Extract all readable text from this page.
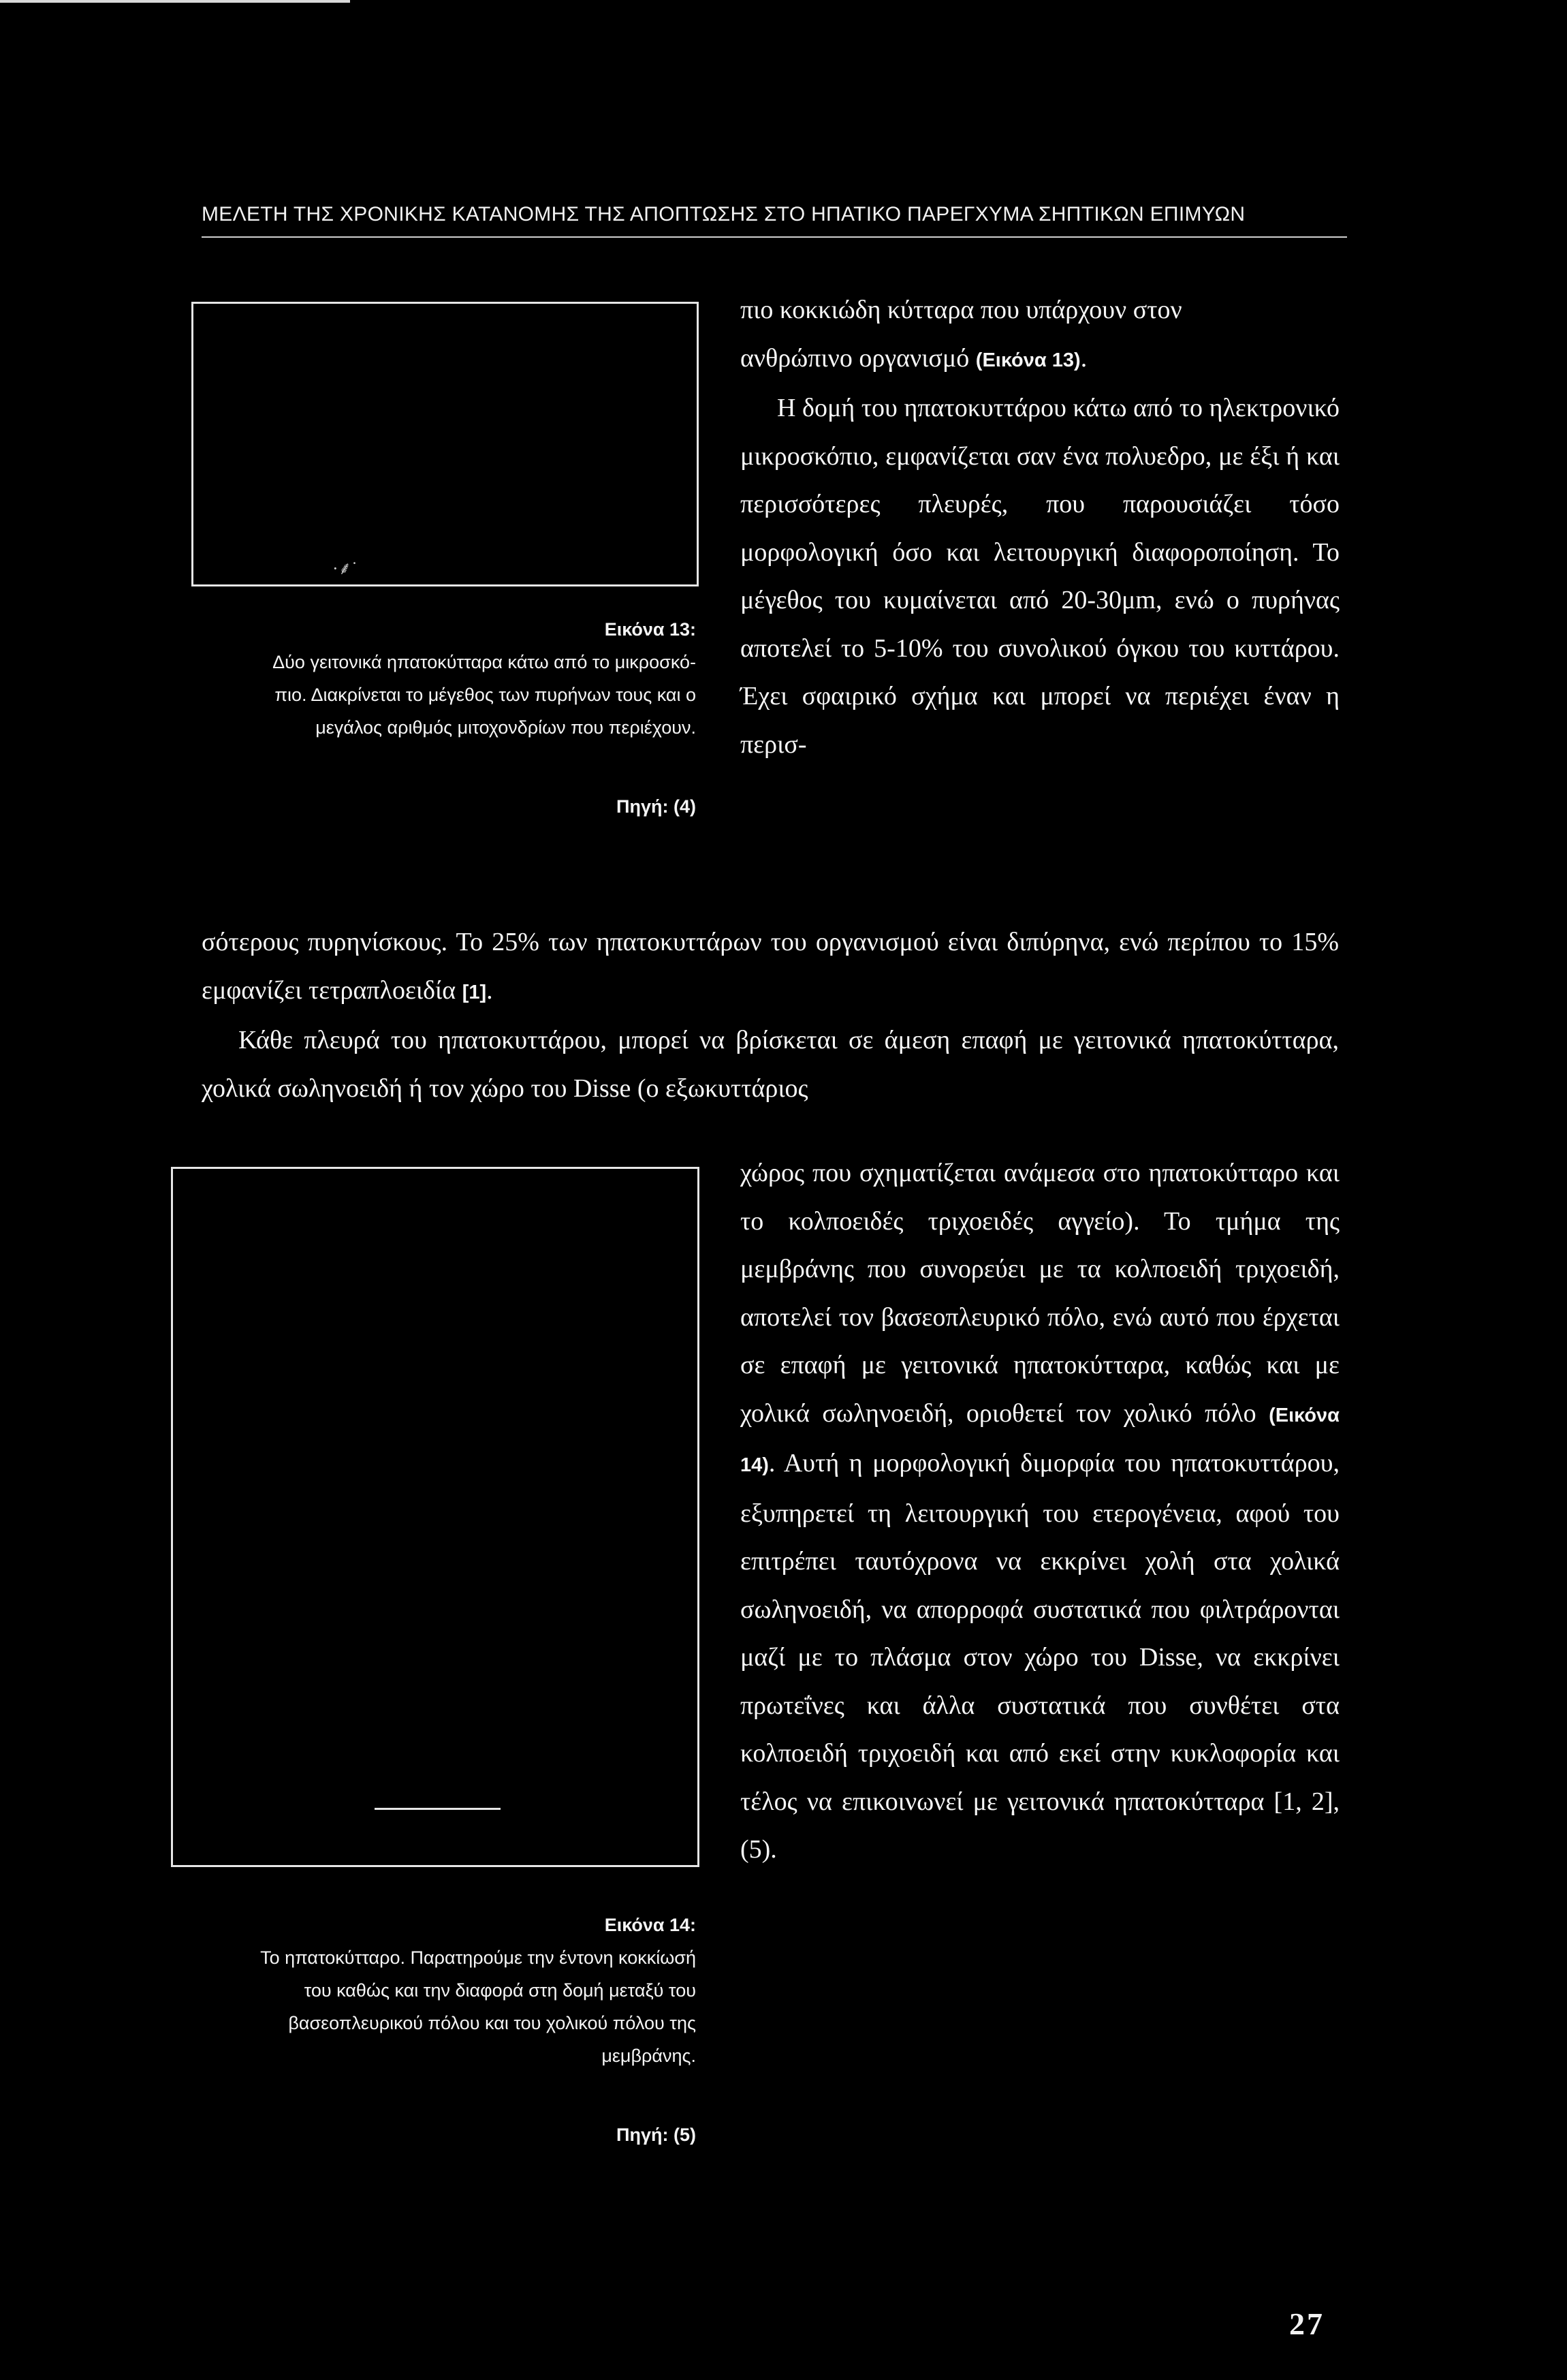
ΜΕΛΕΤΗ ΤΗΣ ΧΡΟΝΙΚΗΣ ΚΑΤΑΝΟΜΗΣ ΤΗΣ ΑΠΟΠΤΩΣΗΣ ΣΤΟ ΗΠΑΤΙΚΟ ΠΑΡΕΓΧΥΜΑ ΣΗΠΤΙΚΩΝ ΕΠΙΜΥΩΝ
·⸙˙
Εικόνα 13:
Δύο γειτονικά ηπατοκύτταρα κάτω από το μικροσκό-
πιο. Διακρίνεται το μέγεθος των πυρήνων τους και ο
μεγάλος αριθμός μιτοχονδρίων που περιέχουν.
Πηγή: (4)

πιο κοκκιώδη κύτταρα που υπάρχουν στον
ανθρώπινο οργανισμό (Εικόνα 13).

Η δομή του ηπατοκυττάρου κάτω από το ηλεκτρονικό μικροσκόπιο, εμφανίζεται σαν ένα πολυεδρο, με έξι ή και περισσότερες πλευρές, που παρουσιάζει τόσο μορφολογική όσο και λειτουργική διαφοροποίηση. Το μέγεθος του κυμαίνεται από 20-30μm, ενώ ο πυρήνας αποτελεί το 5-10% του συνολικού όγκου του κυττάρου. Έχει σφαιρικό σχήμα και μπορεί να περιέχει έναν η περισ-

σότερους πυρηνίσκους. Το 25% των ηπατοκυττάρων του οργανισμού είναι διπύρηνα, ενώ περίπου το 15% εμφανίζει τετραπλοειδία [1].

Κάθε πλευρά του ηπατοκυττάρου, μπορεί να βρίσκεται σε άμεση επαφή με γειτονικά ηπατοκύτταρα, χολικά σωληνοειδή ή τον χώρο του Disse (ο εξωκυττάριος

Εικόνα 14:
Το ηπατοκύτταρο. Παρατηρούμε την έντονη κοκκίωσή
του καθώς και την διαφορά στη δομή μεταξύ του
βασεοπλευρικού πόλου και του χολικού πόλου της
μεμβράνης.
Πηγή: (5)

χώρος που σχηματίζεται ανάμεσα στο ηπατοκύτταρο και το κολποειδές τριχοειδές αγγείο). Το τμήμα της μεμβράνης που συνορεύει με τα κολποειδή τριχοειδή, αποτελεί τον βασεοπλευρικό πόλο, ενώ αυτό που έρχεται σε επαφή με γειτονικά ηπατοκύτταρα, καθώς και με χολικά σωληνοειδή, οριοθετεί τον χολικό πόλο (Εικόνα 14). Αυτή η μορφολογική διμορφία του ηπατοκυττάρου, εξυπηρετεί τη λειτουργική του ετερογένεια, αφού του επιτρέπει ταυτόχρονα να εκκρίνει χολή στα χολικά σωληνοειδή, να απορροφά συστατικά που φιλτράρονται μαζί με το πλάσμα στον χώρο του Disse, να εκκρίνει πρωτεΐνες και άλλα συστατικά που συνθέτει στα κολποειδή τριχοειδή και από εκεί στην κυκλοφορία και τέλος να επικοινωνεί με γειτονικά ηπατοκύτταρα [1, 2], (5).

27
